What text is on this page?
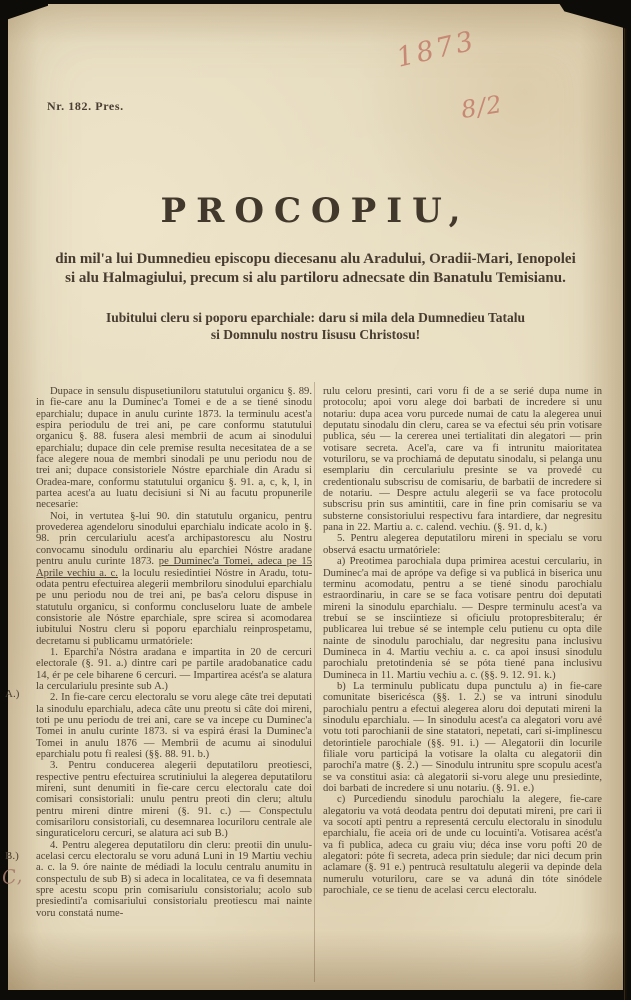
1873
8/2
Nr. 182. Pres.
PROCOPIU,
din mil'a lui Dumnedieu episcopu diecesanu alu Aradului, Oradii-Mari, Ienopolei
si alu Halmagiului, precum si alu partiloru adnecsate din Banatulu Temisianu.
Iubitului cleru si poporu eparchiale: daru si mila dela Dumnedieu Tatalu
si Domnulu nostru Iisusu Christosu!
A.)
B.)
C,

Dupace in sensulu dispusetiuniloru statutului organicu §. 89. in fie-care anu la Duminec'a Tomei e de a se tiené sinodu eparchialu; dupace in anulu curinte 1873. la terminulu acest'a espira periodulu de trei ani, pe care conformu statutului organicu §. 88. fusera alesi membrii de acum ai sinodului eparchialu; dupace din cele premise resulta necesitatea de a se face alegere noua de membri sinodali pe unu periodu nou de trei ani; dupace consistoriele Nóstre eparchiale din Aradu si Oradea-mare, conformu statutului organicu §. 91. a, c, k, l, in partea acest'a au luatu decisiuni si Ni au facutu propunerile necesarie:

Noi, in vertutea §-lui 90. din statutulu organicu, pentru provederea agendeloru sinodului eparchialu indicate acolo in §. 98. prin cerculariulu acest'a archipastorescu alu Nostru convocamu sinodulu ordinariu alu eparchiei Nóstre aradane pentru anulu curinte 1873. pe Duminec'a Tomei, adeca pe 15 Aprile vechiu a. c. la loculu resiedintiei Nóstre in Aradu, totu-odata pentru efectuirea alegerii membriloru sinodului eparchialu pe unu periodu nou de trei ani, pe bas'a celoru dispuse in statutulu organicu, si conformu concluseloru luate de ambele consistorie ale Nóstre eparchiale, spre scirea si acomodarea iubitului Nostru cleru si poporu eparchialu reinprospetamu, decretamu si publicamu urmatóriele:

1. Eparchi'a Nóstra aradana e impartita in 20 de cercuri electorale (§. 91. a.) dintre cari pe partile aradobanatice cadu 14, ér pe cele biharene 6 cercuri. — Impartirea acést'a se alatura la cerculariulu presinte sub A.)

2. In fie-care cercu electoralu se voru alege câte trei deputati la sinodulu eparchialu, adeca câte unu preotu si câte doi mireni, toti pe unu periodu de trei ani, care se va incepe cu Duminec'a Tomei in anulu curinte 1873. si va espirá érasi la Duminec'a Tomei in anulu 1876 — Membrii de acumu ai sinodului eparchialu potu fi realesi (§§. 88. 91. b.)

3. Pentru conducerea alegerii deputatiloru preotiesci, respective pentru efectuirea scrutiniului la alegerea deputatiloru mireni, sunt denumiti in fie-care cercu electoralu cate doi comisari consistoriali: unulu pentru preoti din cleru; altulu pentru mireni dintre mireni (§. 91. c.) — Conspectulu comisariloru consistoriali, cu desemnarea locuriloru centrale ale singuraticeloru cercuri, se alatura aci sub B.)

4. Pentru alegerea deputatiloru din cleru: preotii din unulu-acelasi cercu electoralu se voru aduná Luni in 19 Martiu vechiu a. c. la 9. óre nainte de médiadi la loculu centralu anumitu in conspectulu de sub B) si adeca in localitatea, ce va fi desemnata spre acestu scopu prin comisariulu consistorialu; acolo sub presiedinti'a comisariului consistorialu preotiescu mai nainte voru constatá nume-

rulu celoru presinti, cari voru fi de a se serié dupa nume in protocolu; apoi voru alege doi barbati de incredere si unu notariu: dupa acea voru purcede numai de catu la alegerea unui deputatu sinodalu din cleru, carea se va efectui séu prin votisare publica, séu — la cererea unei tertialitati din alegatori — prin votisare secreta. Acel'a, care va fi intrunitu maioritatea voturiloru, se va prochiamá de deputatu sinodalu, si pelanga unu esemplariu din cerculariulu presinte se va provedé cu credentionalu subscrisu de comisariu, de barbatii de incredere si de notariu. — Despre actulu alegerii se va face protocolu subscrisu prin sus amintitii, care in fine prin comisariu se va substerne consistoriului respectivu fara intardiere, dar negresitu pana in 22. Martiu a. c. calend. vechiu. (§. 91. d, k.)

5. Pentru alegerea deputatiloru mireni in specialu se voru observá esactu urmatóriele:

a) Preotimea parochiala dupa primirea acestui cerculariu, in Duminec'a mai de aprópe va defige si va publicá in biserica unu terminu acomodatu, pentru a se tiené sinodu parochialu estraordinariu, in care se se faca votisare pentru doi deputati mireni la sinodulu eparchialu. — Despre terminulu acest'a va trebuí se se insciintieze si oficiulu protopresbiteralu; ér publicarea lui trebue sé se intemple celu putienu cu opta dile nainte de sinodulu parochialu, dar negresitu pana inclusivu Dumineca in 4. Martiu vechiu a. c. ca apoi insusi sinodulu parochialu pretotindenia sé se póta tiené pana inclusivu Dumineca in 11. Martiu vechiu a. c. (§§. 9. 12. 91. k.)

b) La terminulu publicatu dupa punctulu a) in fie-care comunitate bisericésca (§§. 1. 2.) se va intruni sinodulu parochialu pentru a efectui alegerea aloru doi deputati mireni la sinodulu eparchialu. — In sinodulu acest'a ca alegatori voru avé votu toti parochianii de sine statatori, nepetati, cari si-implinescu detorintiele parochiale (§§. 91. i.) — Alegatorii din locurile filiale voru participá la votisare la olalta cu alegatorii din parochi'a matre (§. 2.) — Sinodulu intrunitu spre scopulu acest'a se va constitui asia: cà alegatorii si-voru alege unu presiedinte, doi barbati de incredere si unu notariu. (§. 91. e.)

c) Purcediendu sinodulu parochialu la alegere, fie-care alegatoriu va votá deodata pentru doi deputati mireni, pre cari ii va socotí apti pentru a representá cerculu electoralu in sinodulu eparchialu, fie aceia ori de unde cu locuinti'a. Votisarea acést'a va fi publica, adeca cu graiu viu; déca inse voru pofti 20 de alegatori: póte fi secreta, adeca prin siedule; dar nici decum prin aclamare (§. 91 e.) pentrucà resultatulu alegerii va depinde dela numerulu voturiloru, care se va aduná din tóte sinódele parochiale, ce se tienu de acelasi cercu electoralu.
